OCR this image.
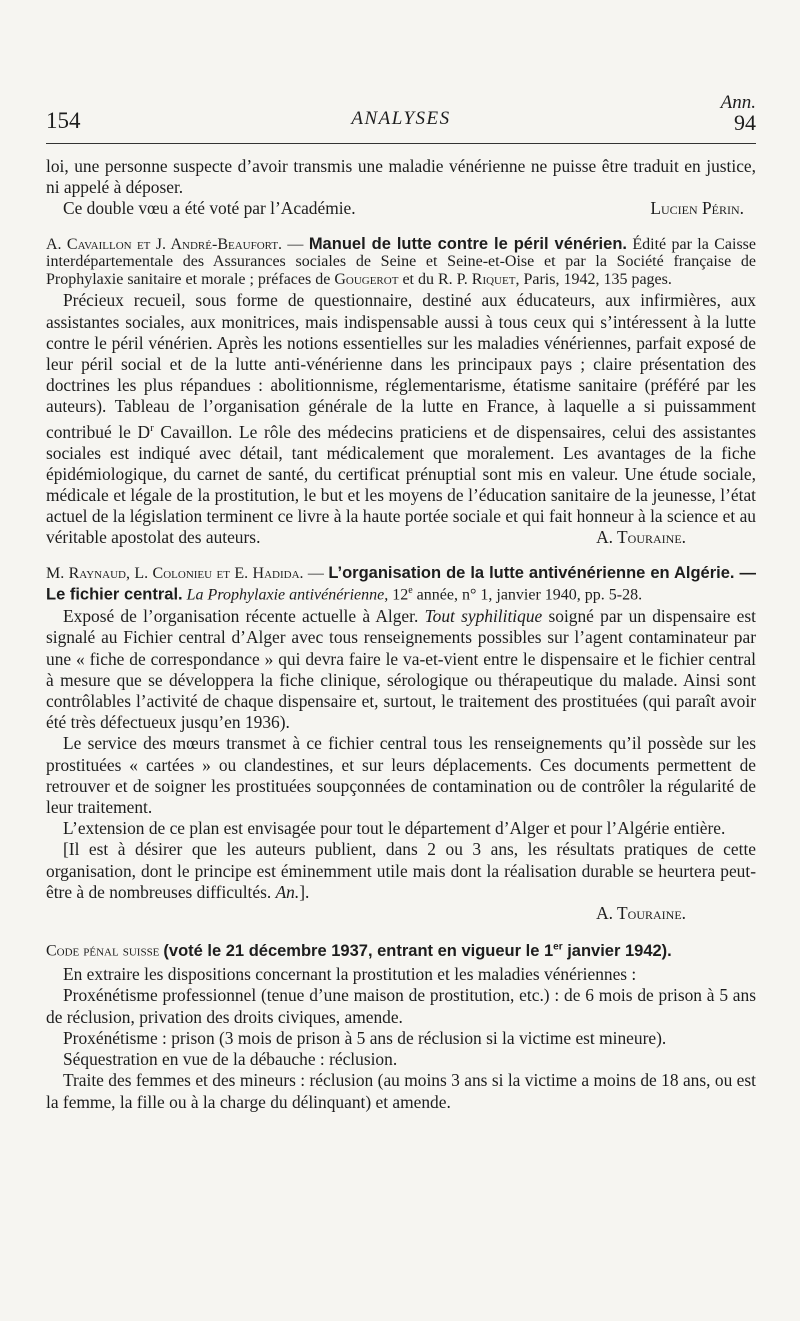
Ann.
154	ANALYSES	94

loi, une personne suspecte d’avoir transmis une maladie vénérienne ne puisse être traduit en justice, ni appelé à déposer.

Ce double vœu a été voté par l’Académie.	Lucien Périn.

A. Cavaillon et J. André-Beaufort. — Manuel de lutte contre le péril vénérien. Édité par la Caisse interdépartementale des Assurances sociales de Seine et Seine-et-Oise et par la Société française de Prophylaxie sanitaire et morale ; préfaces de Gougerot et du R. P. Riquet, Paris, 1942, 135 pages.

Précieux recueil, sous forme de questionnaire, destiné aux éducateurs, aux infirmières, aux assistantes sociales, aux monitrices, mais indispensable aussi à tous ceux qui s’intéressent à la lutte contre le péril vénérien. Après les notions essentielles sur les maladies vénériennes, parfait exposé de leur péril social et de la lutte anti-vénérienne dans les principaux pays ; claire présentation des doctrines les plus répandues : abolitionnisme, réglementarisme, étatisme sanitaire (préféré par les auteurs). Tableau de l’organisation générale de la lutte en France, à laquelle a si puissamment contribué le $D^r$ Cavaillon. Le rôle des médecins praticiens et de dispensaires, celui des assistantes sociales est indiqué avec détail, tant médicalement que moralement. Les avantages de la fiche épidémiologique, du carnet de santé, du certificat prénuptial sont mis en valeur. Une étude sociale, médicale et légale de la prostitution, le but et les moyens de l’éducation sanitaire de la jeunesse, l’état actuel de la législation terminent ce livre à la haute portée sociale et qui fait honneur à la science et au véritable apostolat des auteurs.	A. Touraine.

M. Raynaud, L. Colonieu et E. Hadida. — L’organisation de la lutte antivénérienne en Algérie. — Le fichier central. La Prophylaxie antivénérienne, 12e année, n° 1, janvier 1940, pp. 5-28.

Exposé de l’organisation récente actuelle à Alger. Tout syphilitique soigné par un dispensaire est signalé au Fichier central d’Alger avec tous renseignements possibles sur l’agent contaminateur par une « fiche de correspondance » qui devra faire le va-et-vient entre le dispensaire et le fichier central à mesure que se développera la fiche clinique, sérologique ou thérapeutique du malade. Ainsi sont contrôlables l’activité de chaque dispensaire et, surtout, le traitement des prostituées (qui paraît avoir été très défectueux jusqu’en 1936).

Le service des mœurs transmet à ce fichier central tous les renseignements qu’il possède sur les prostituées « cartées » ou clandestines, et sur leurs déplacements. Ces documents permettent de retrouver et de soigner les prostituées soupçonnées de contamination ou de contrôler la régularité de leur traitement.

L’extension de ce plan est envisagée pour tout le département d’Alger et pour l’Algérie entière.

[Il est à désirer que les auteurs publient, dans 2 ou 3 ans, les résultats pratiques de cette organisation, dont le principe est éminemment utile mais dont la réalisation durable se heurtera peut-être à de nombreuses difficultés. An.].

A. Touraine.

Code pénal suisse (voté le 21 décembre 1937, entrant en vigueur le 1er janvier 1942).

En extraire les dispositions concernant la prostitution et les maladies vénériennes :

Proxénétisme professionnel (tenue d’une maison de prostitution, etc.) : de 6 mois de prison à 5 ans de réclusion, privation des droits civiques, amende.

Proxénétisme : prison (3 mois de prison à 5 ans de réclusion si la victime est mineure).

Séquestration en vue de la débauche : réclusion.

Traite des femmes et des mineurs : réclusion (au moins 3 ans si la victime a moins de 18 ans, ou est la femme, la fille ou à la charge du délinquant) et amende.
